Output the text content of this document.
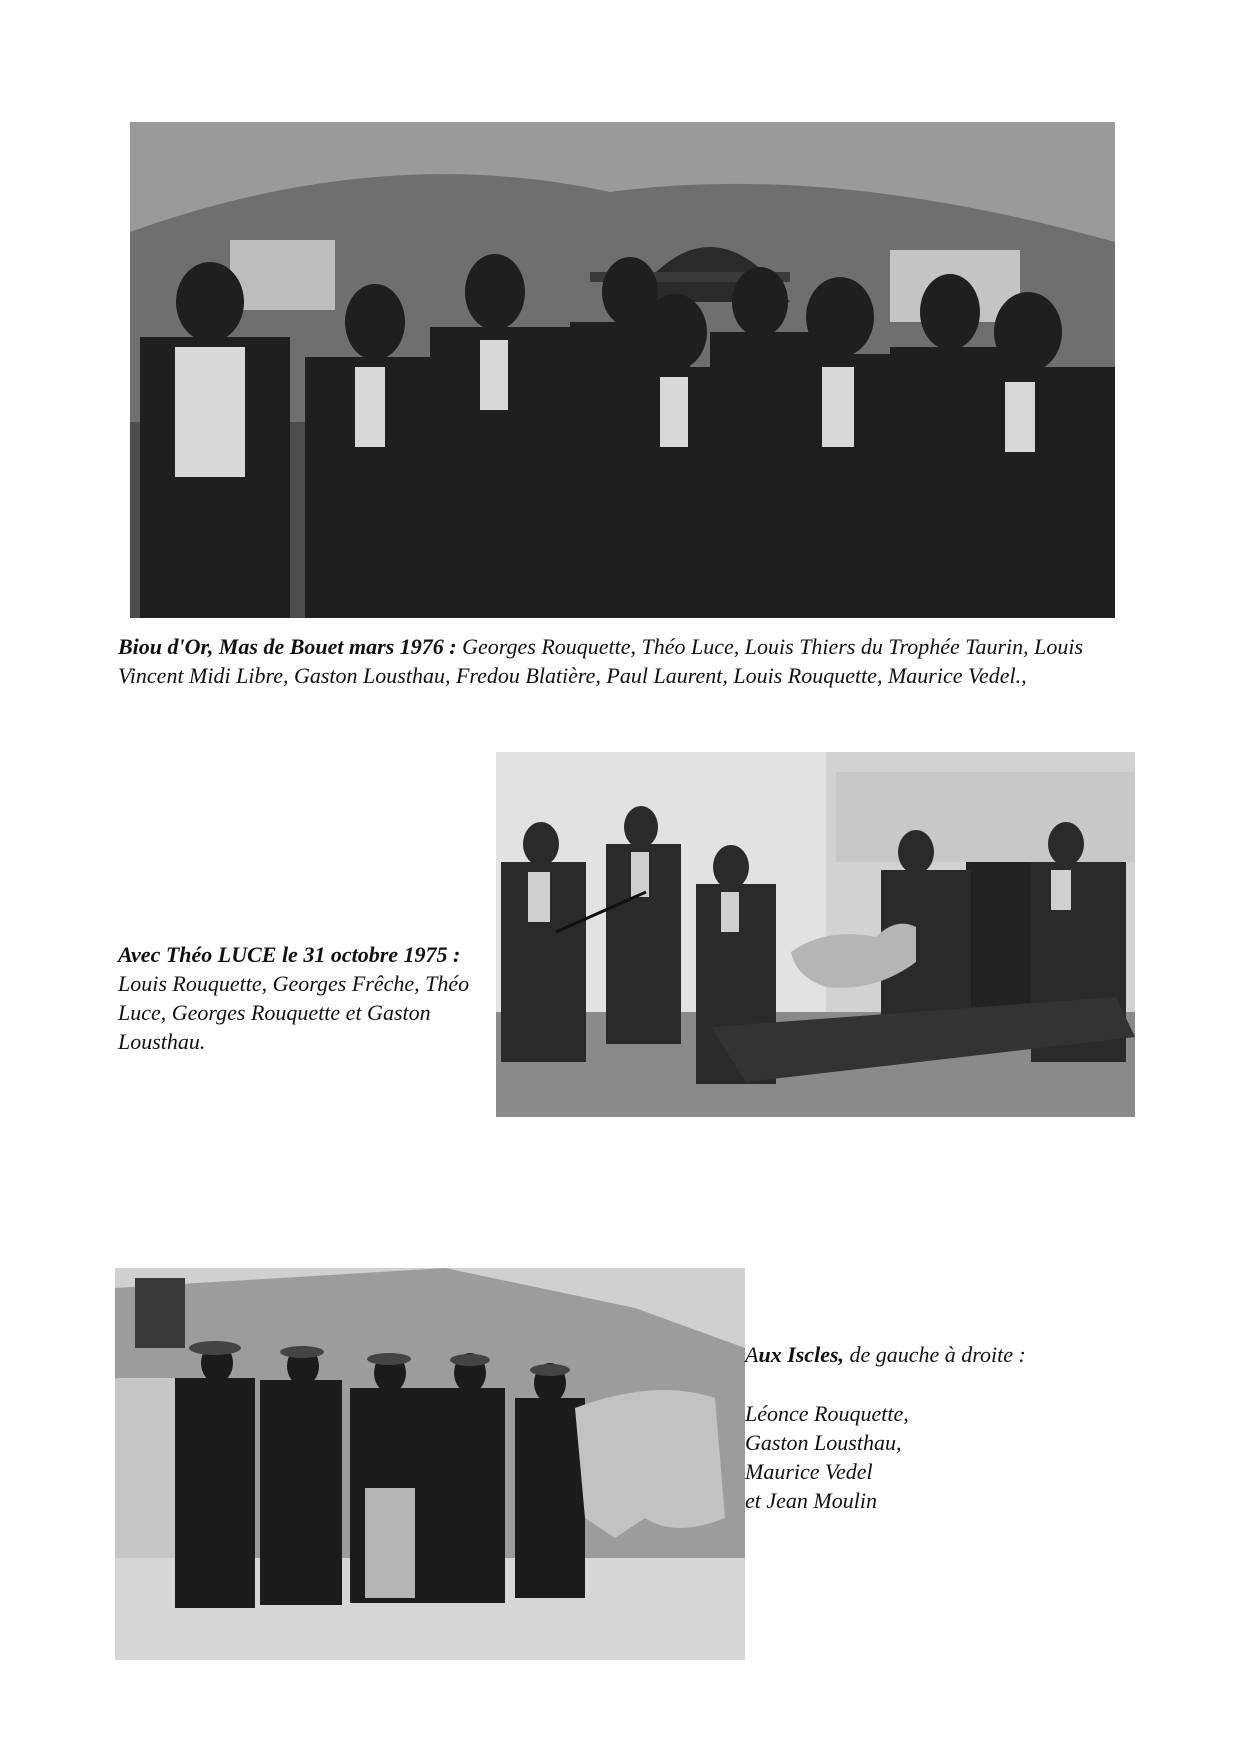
Biou d'Or, Mas de Bouet mars 1976 : Georges Rouquette, Théo Luce, Louis Thiers du Trophée Taurin, Louis Vincent Midi Libre, Gaston Lousthau, Fredou Blatière, Paul Laurent, Louis Rouquette, Maurice Vedel.,
Avec Théo LUCE le 31 octobre 1975 :
Louis Rouquette, Georges Frêche, Théo Luce, Georges Rouquette et Gaston Lousthau.
Aux Iscles, de gauche à droite :
Léonce Rouquette,
Gaston Lousthau,
Maurice Vedel
et Jean Moulin
